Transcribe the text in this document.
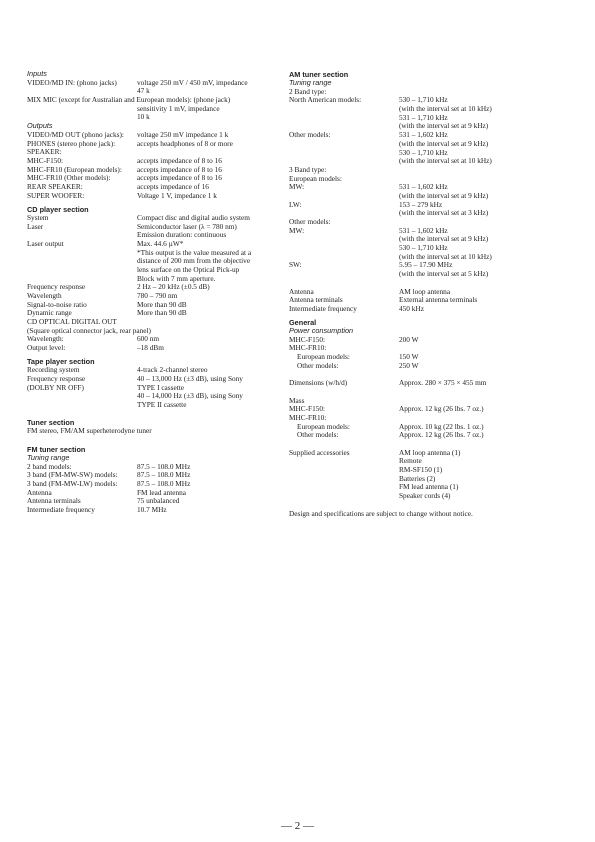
Inputs
VIDEO/MD IN: (phono jacks)	voltage 250 mV / 450 mV, impedance
47 k
MIX MIC (except for Australian and European models): (phone jack)
sensitivity 1 mV, impedance
10 k
Outputs
VIDEO/MD OUT (phono jacks): voltage 250 mV impedance 1 k
PHONES (stereo phone jack):	accepts headphones of 8 or more
SPEAKER:
MHC-F150:	accepts impedance of 8 to 16
MHC-FR10 (European models): accepts impedance of 8 to 16
MHC-FR10 (Other models):	accepts impedance of 8 to 16
REAR SPEAKER:	accepts impedance of 16
SUPER WOOFER:	Voltage 1 V, impedance 1 k
CD player section
System	Compact disc and digital audio system
Laser	Semiconductor laser (λ = 780 nm)
Emission duration: continuous
Laser output	Max. 44.6 µW*
*This output is the value measured at a
distance of 200 mm from the objective
lens surface on the Optical Pick-up
Block with 7 mm aperture.
Frequency response	2 Hz – 20 kHz (±0.5 dB)
Wavelength	780 – 790 nm
Signal-to-noise ratio	More than 90 dB
Dynamic range	More than 90 dB
CD OPTICAL DIGITAL OUT
(Square optical connector jack, rear panel)
Wavelength:	600 nm
Output level:	–18 dBm
Tape player section
Recording system	4-track 2-channel stereo
Frequency response	40 – 13,000 Hz (±3 dB), using Sony
(DOLBY NR OFF)	TYPE I cassette
40 – 14,000 Hz (±3 dB), using Sony
TYPE II cassette
Tuner section
FM stereo, FM/AM superheterodyne tuner
FM tuner section
Tuning range
2 band models:	87.5 – 108.0 MHz
3 band (FM-MW-SW) models:	87.5 – 108.0 MHz
3 band (FM-MW-LW) models:	87.5 – 108.0 MHz
Antenna	FM lead antenna
Antenna terminals	75 unbalanced
Intermediate frequency	10.7 MHz
AM tuner section
Tuning range
2 Band type:
North American models:	530 – 1,710 kHz
(with the interval set at 10 kHz)
531 – 1,710 kHz
(with the interval set at 9 kHz)
Other models:	531 – 1,602 kHz
(with the interval set at 9 kHz)
530 – 1,710 kHz
(with the interval set at 10 kHz)
3 Band type:
European models:
MW:	531 – 1,602 kHz
(with the interval set at 9 kHz)
LW:	153 – 279 kHz
(with the interval set at 3 kHz)
Other models:
MW:	531 – 1,602 kHz
(with the interval set at 9 kHz)
530 – 1,710 kHz
(with the interval set at 10 kHz)
SW:	5.95 – 17.90 MHz
(with the interval set at 5 kHz)
Antenna	AM loop antenna
Antenna terminals	External antenna terminals
Intermediate frequency	450 kHz
General
Power consumption
MHC-F150:	200 W
MHC-FR10:
European models:	150 W
Other models:	250 W
Dimensions (w/h/d)	Approx. 280 × 375 × 455 mm
Mass
MHC-F150:	Approx. 12 kg (26 lbs. 7 oz.)
MHC-FR10:
European models:	Approx. 10 kg (22 lbs. 1 oz.)
Other models:	Approx. 12 kg (26 lbs. 7 oz.)
Supplied accessories	AM loop antenna (1)
Remote
RM-SF150 (1)
Batteries (2)
FM lead antenna (1)
Speaker cords (4)
Design and specifications are subject to change without notice.
— 2 —
